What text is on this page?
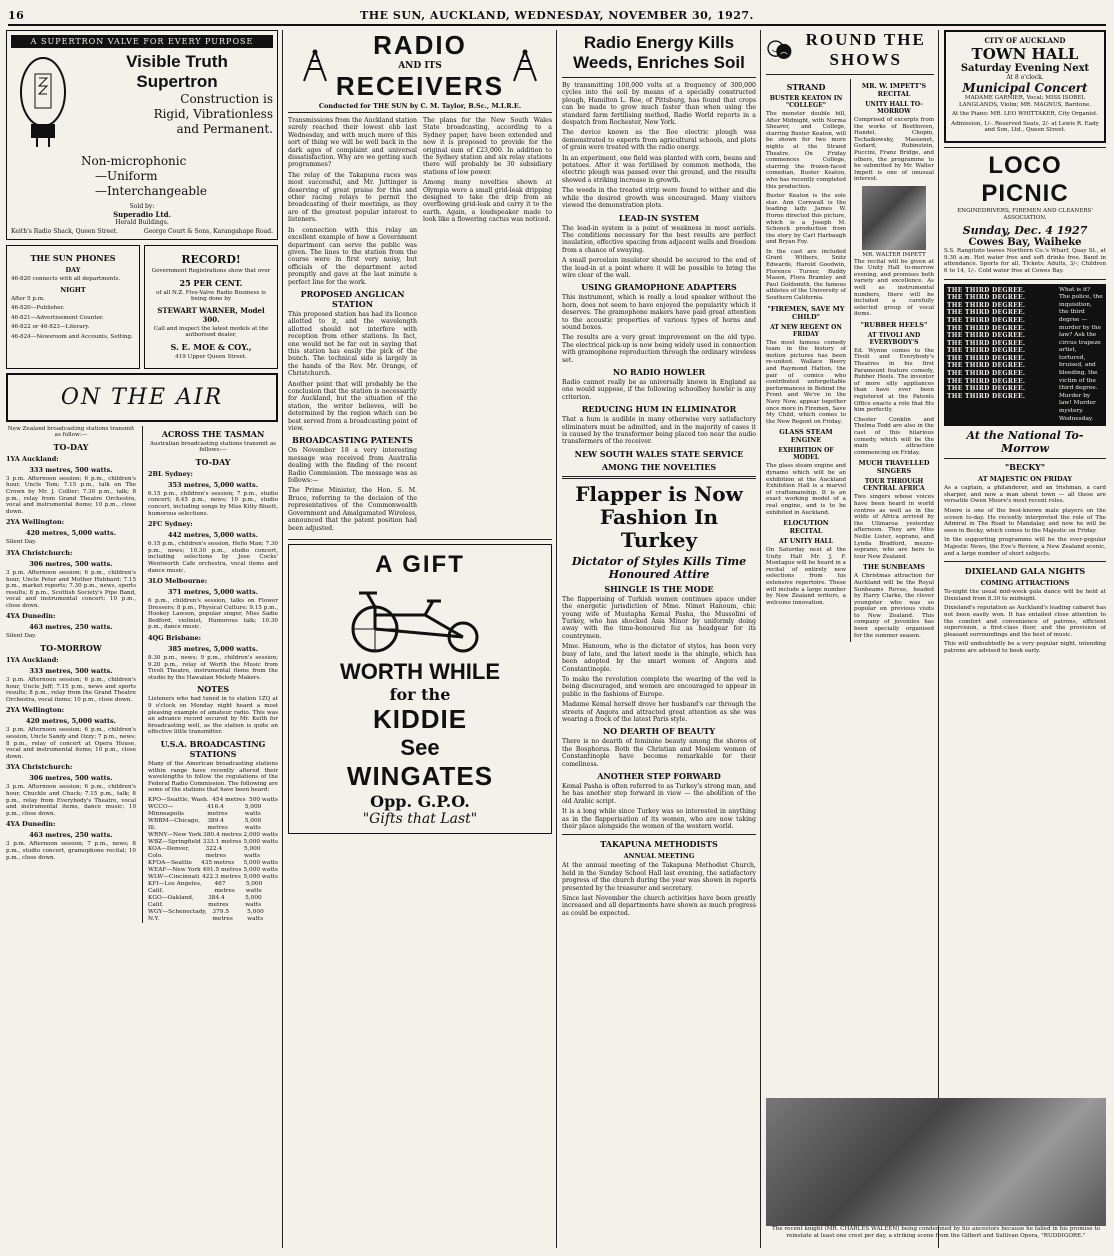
16	THE SUN, AUCKLAND, WEDNESDAY, NOVEMBER 30, 1927.
A SUPERTRON VALVE FOR EVERY PURPOSE
Visible Truth
Supertron
Construction is
Rigid, Vibrationless
and Permanent.
Non-microphonic
—Uniform
—Interchangeable
Sold by:
Superadio Ltd.
Herald Buildings.
Keith's Radio Shack, Queen Street.	George Court & Sons, Karangahape Road.
THE SUN PHONES
DAY
46-820 connects with all departments.
NIGHT
After 5 p.m.
46-820—Publisher.
46-821—Advertisement Counter.
46-822 or 46-823—Literary.
46-824—Newsroom and Accounts, Setting.
RECORD!
Government Registrations show that over
25 PER CENT.
of all N.Z. Five-Valve Radio Business is being done by
STEWART WARNER, Model 300.
Call and inspect the latest models at the authorised dealer,
S. E. MOE & COY.,
419 Upper Queen Street.
ON THE AIR
New Zealand broadcasting stations transmit as follow:—
TO-DAY
1YA Auckland:
333 metres, 500 watts.
3 p.m. Afternoon session; 6 p.m., children's hour, Uncle Tom; 7.15 p.m., talk on The Crown by Mr. J. Collier; 7.30 p.m., talk; 8 p.m., relay from Grand Theatre Orchestra, vocal and instrumental items; 10 p.m., close down.
2YA Wellington:
420 metres, 5,000 watts.
Silent Day.
3YA Christchurch:
306 metres, 500 watts.
3 p.m. Afternoon session; 6 p.m., children's hour, Uncle Peter and Mother Hubbard; 7.15 p.m., market reports; 7.30 p.m., news, sports results; 8 p.m., Scottish Society's Pipe Band, vocal and instrumental concert; 10 p.m., close down.
4YA Dunedin:
463 metres, 250 watts.
Silent Day.
TO-MORROW
1YA Auckland:
333 metres, 500 watts.
3 p.m. Afternoon session; 6 p.m., children's hour, Uncle Jeff; 7.15 p.m., news and sports results; 8 p.m., relay from the Grand Theatre Orchestra, vocal items; 10 p.m., close down.
2YA Wellington:
420 metres, 5,000 watts.
3 p.m. Afternoon session; 6 p.m., children's session, Uncle Sandy and Ozzy; 7 p.m., news; 8 p.m., relay of concert at Opera House, vocal and instrumental items; 10 p.m., close down.
3YA Christchurch:
306 metres, 500 watts.
3 p.m. Afternoon session; 6 p.m., children's hour, Chuckle and Chuck; 7.15 p.m., talk; 8 p.m., relay from Everybody's Theatre, vocal and instrumental items, dance music; 10 p.m., close down.
4YA Dunedin:
463 metres, 250 watts.
3 p.m. Afternoon session; 7 p.m., news; 8 p.m., studio concert, gramophone recital; 10 p.m., close down.
ACROSS THE TASMAN
Australian broadcasting stations transmit as follows:—
TO-DAY
2BL Sydney:
353 metres, 5,000 watts.
6.15 p.m., children's session; 7 p.m., studio concert; 8.45 p.m., news; 10 p.m., studio concert, including songs by Miss Kitty Bluett, humorous selections.
2FC Sydney:
442 metres, 5,000 watts.
6.15 p.m., children's session, Hello Man; 7.30 p.m., news; 10.30 p.m., studio concert, including selections by Jose Cocks' Wentworth Cafe orchestra, vocal items and dance music.
3LO Melbourne:
371 metres, 5,000 watts.
6 p.m., children's session, talks on Flower Dressers; 8 p.m., Physical Culture; 9.15 p.m., Hookey Lawson, popular singer, Miss Sadie Bedford, violinist, Humorous talk; 10.30 p.m., dance music.
4QG Brisbane:
385 metres, 5,000 watts.
8.30 p.m., news; 9 p.m., children's session; 9.20 p.m., relay of Worth the Music from Tivoli Theatre, instrumental items from the studio by the Hawaiian Melody Makers.
NOTES
Listeners who had tuned in to station 1ZQ at 9 o'clock on Monday night heard a most pleasing example of amateur radio. This was an advance record secured by Mr. Keith for broadcasting well, as the station is quite an effective little transmitter.
U.S.A. BROADCASTING STATIONS
Many of the American broadcasting stations within range have recently altered their wavelengths to follow the regulations of the Federal Radio Commission. The following are some of the stations that have been heard:
KPO—Seattle, Wash. 454 metres 500 watts
WCCO—Minneapolis
416.4 metres
5,000 watts
WBBM—Chicago, Ill.
389.4 metres
5,000 watts
WRNY—New York 380.4 metres 2,000 watts
WBZ—Springfield 333.1 metres 5,000 watts
KOA—Denver, Colo.
322.4 metres
5,000 watts
KFOA—Seattle 435 metres 5,000 watts
WEAF—New York 491.5 metres 5,000 watts
WLW—Cincinnati 422.3 metres 5,000 watts
KFI—Los Angeles, Calif.
467 metres
5,000 watts
KGO—Oakland, Calif.
384.4 metres
5,000 watts
WGY—Schenectady, N.Y.
379.5 metres
5,000 watts
RADIO
AND ITS
RECEIVERS
Conducted for THE SUN by C. M. Taylor, B.Sc., M.I.R.E.

Transmissions from the Auckland station surely reached their lowest ebb last Wednesday, and with much more of this sort of thing we will be well back in the dark ages of complaint and universal dissatisfaction. Why are we getting such programmes?

The relay of the Takapuna races was most successful, and Mr. Juttinger is deserving of great praise for this and other racing relays to permit the broadcasting of their meetings, as they are of the greatest popular interest to listeners.

In connection with this relay an excellent example of how a Government department can serve the public was given. The lines to the station from the course were in first very noisy, but officials of the department acted promptly and gave at the last minute a perfect line for the work.

PROPOSED ANGLICAN STATION

This proposed station has had its licence allotted to it, and the wavelength allotted should not interfere with reception from other stations. In fact, one would not be far out in saying that this station has easily the pick of the bunch. The technical side is largely in the hands of the Rev. Mr. Orange, of Christchurch.

Another point that will probably be the conclusion that the station is necessarily for Auckland, but the situation of the station, the writer believes, will be determined by the region which can be best served from a broadcasting point of view.

BROADCASTING PATENTS

On November 18 a very interesting message was received from Australia dealing with the finding of the recent Radio Commission. The message was as follows:—

The Prime Minister, the Hon. S. M. Bruce, referring to the decision of the representatives of the Commonwealth Government and Amalgamated Wireless, announced that the patent position had been adjusted.

The plans for the New South Wales State broadcasting, according to a Sydney paper, have been extended and now it is proposed to provide for the original sum of £23,000. In addition to the Sydney station and six relay stations there will probably be 30 subsidiary stations of low power.

Among many novelties shown at Olympia were a small grid-leak dripping designed to take the drip from an overflowing grid-leak and carry it to the earth. Again, a loudspeaker made to look like a flowering cactus was noticed.

A GIFT
WORTH WHILE
for the
KIDDIE
See
WINGATES
Opp. G.P.O.
"Gifts that Last"
Radio Energy Kills Weeds, Enriches Soil

By transmitting 100,000 volts at a frequency of 300,000 cycles into the soil by means of a specially constructed plough, Hamilton L. Roe, of Pittsburg, has found that crops can be made to grow much faster than when using the standard farm fertilising method, Radio World reports in a despatch from Rochester, New York.

The device known as the Roe electric plough was demonstrated to experts from agricultural schools, and plots of grain were treated with the radio energy.

In an experiment, one field was planted with corn, beans and potatoes. After it was fertilised by common methods, the electric plough was passed over the ground, and the results showed a striking increase in growth.

The weeds in the treated strip were found to wither and die while the desired growth was encouraged. Many visitors viewed the demonstration plots.

LEAD-IN SYSTEM

The lead-in system is a point of weakness in most aerials. The conditions necessary for the best results are perfect insulation, effective spacing from adjacent walls and freedom from a chance of swaying.

A small porcelain insulator should be secured to the end of the lead-in at a point where it will be possible to bring the wire clear of the wall.

USING GRAMOPHONE ADAPTERS

This instrument, which is really a loud speaker without the horn, does not seem to have enjoyed the popularity which it deserves. The gramophone makers have paid great attention to the acoustic properties of various types of horns and sound boxes.

The results are a very great improvement on the old type. The electrical pick-up is now being widely used in connection with gramophone reproduction through the ordinary wireless set.

NO RADIO HOWLER

Radio cannot really be as universally known in England as one would suppose, if the following schoolboy howler is any criterion.

REDUCING HUM IN ELIMINATOR

That a hum is audible in many otherwise very satisfactory eliminators must be admitted, and in the majority of cases it is caused by the transformer being placed too near the audio transformers of the receiver.

NEW SOUTH WALES STATE SERVICE
AMONG THE NOVELTIES
Flapper is Now Fashion In Turkey
Dictator of Styles Kills Time Honoured Attire
SHINGLE IS THE MODE

The flapperising of Turkish women continues apace under the energetic jurisdiction of Mme. Nimet Hanoum, chic young wife of Mustapha Kemal Pasha, the Mussolini of Turkey, who has shocked Asia Minor by uniformly doing away with the time-honoured fez as headgear for its countrymen.

Mme. Hanoum, who is the dictator of styles, has been very busy of late, and the latest mode is the shingle, which has been adopted by the smart women of Angora and Constantinople.

To make the revolution complete the wearing of the veil is being discouraged, and women are encouraged to appear in public in the fashions of Europe.

Madame Kemal herself drove her husband's car through the streets of Angora and attracted great attention as she was wearing a frock of the latest Paris style.

NO DEARTH OF BEAUTY

There is no dearth of feminine beauty among the shores of the Bosphorus. Both the Christian and Moslem women of Constantinople have become remarkable for their comeliness.

ANOTHER STEP FORWARD

Kemal Pasha is often referred to as Turkey's strong man, and he has another step forward in view — the abolition of the old Arabic script.

It is a long while since Turkey was so interested in anything as in the flapperisation of its women, who are now taking their place alongside the women of the western world.

TAKAPUNA METHODISTS
ANNUAL MEETING

At the annual meeting of the Takapuna Methodist Church, held in the Sunday School Hall last evening, the satisfactory progress of the church during the year was shown in reports presented by the treasurer and secretary.

Since last November the church activities have been greatly increased and all departments have shown as much progress as could be expected.

ROUND THE SHOWS
STRAND
BUSTER KEATON IN "COLLEGE"

The monster double bill, After Midnight, with Norma Shearer, and College, starring Buster Keaton, will be shown for two more nights at the Strand Theatre. On Friday commences College, starring the frozen-faced comedian, Buster Keaton, who has recently completed this production.

Buster Keaton is the sole star. Ann Cornwall is the leading lady. James W. Horne directed this picture, which is a Joseph M. Schenck production from the story by Carl Harbaugh and Bryan Foy.

In the cast are included Grant Withers, Snitz Edwards, Harold Goodwin, Florence Turner, Buddy Mason, Flora Bramley and Paul Goldsmith, the famous athletes of the University of Southern California.

"FIREMEN, SAVE MY CHILD"
AT NEW REGENT ON FRIDAY

The most famous comedy team in the history of motion pictures has been re-united. Wallace Beery and Raymond Hatton, the pair of comics who contributed unforgettable performances in Behind the Front and We're in the Navy Now, appear together once more in Firemen, Save My Child, which comes to the New Regent on Friday.

GLASS STEAM ENGINE
EXHIBITION OF MODEL

The glass steam engine and dynamo which will be an exhibition at the Auckland Exhibition Hall is a marvel of craftsmanship. It is an exact working model of a real engine, and is to be exhibited in Auckland.

ELOCUTION RECITAL
AT UNITY HALL

On Saturday next at the Unity Hall Mr. J. F. Montague will be heard in a recital of entirely new selections from his extensive repertoire. These will include a large number by New Zealand writers, a welcome innovation.

MR. W. IMPETT'S RECITAL
UNITY HALL TO-MORROW

Comprised of excerpts from the works of Beethoven, Handel, Chopin, Tschaikowsky, Massenet, Godard, Rubinstein, Puccini, Franz Bridge, and others, the programme to be submitted by Mr. Walter Impett is one of unusual interest.

MR. WALTER IMPETT

The recital will be given at the Unity Hall to-morrow evening, and promises both variety and excellence. As well as instrumental numbers, there will be included a carefully selected group of vocal items.

"RUBBER HEELS"
AT TIVOLI AND EVERYBODY'S

Ed. Wynne comes to the Tivoli and Everybody's Theatres in his first Paramount feature comedy, Rubber Heels. The inventor of more silly appliances than have ever been registered at the Patents Office enacts a role that fits him perfectly.

Chester Conklin and Thelma Todd are also in the cast of this hilarious comedy, which will be the main attraction commencing on Friday.

MUCH TRAVELLED SINGERS
TOUR THROUGH CENTRAL AFRICA

Two singers whose voices have been heard in world centres as well as in the wilds of Africa arrived by the Ulimaroa yesterday afternoon. They are Miss Nellie Lister, soprano, and Lynda Bradford, mezzo-soprano, who are here to tour New Zealand.

THE SUNBEAMS

A Christmas attraction for Auckland will be the Royal Sunbeams Revue, headed by Harry Clarke, the clever youngster who was so popular on previous visits to New Zealand. This company of juveniles has been specially organised for the summer season.

The recent knight (MR. CHARLES WALEEN) being condemned by his ancestors because he failed in his promise to reinstate at least one crest per day, a striking scene from the Gilbert and Sullivan Opera, "RUDDIGORE."
CITY OF AUCKLAND
TOWN HALL
Saturday Evening Next
At 8 o'clock.
Municipal Concert
MADAME GARNIER, Vocal; MISS ISOBEL LANGLANDS, Violin; MR. MAGNUS, Baritone.
At the Piano: MR. LEO WHITTAKER, City Organist.
Admission, 1/-. Reserved Seats, 2/- at Lewis R. Eady and Son, Ltd., Queen Street.
LOCO PICNIC
ENGINEDRIVERS, FIREMEN AND CLEANERS' ASSOCIATION.
Sunday, Dec. 4 1927
Cowes Bay, Waiheke
S.S. Rangitoto leaves Northern Co.'s Wharf, Quay St., at 9.30 a.m. Hot water free and soft drinks free. Band in attendance. Sports for all. Tickets: Adults, 3/-; Children 6 to 14, 1/-. Cold water free at Cowes Bay.
THE THIRD DEGREE.
THE THIRD DEGREE.
THE THIRD DEGREE.
THE THIRD DEGREE.
THE THIRD DEGREE.
THE THIRD DEGREE.
THE THIRD DEGREE.
THE THIRD DEGREE.
THE THIRD DEGREE.
THE THIRD DEGREE.
THE THIRD DEGREE.
THE THIRD DEGREE.
THE THIRD DEGREE.
THE THIRD DEGREE.
THE THIRD DEGREE.
What is it? The police, the inquisition, the third degree — murder by the law? Ask the circus trapeze artist, tortured, bruised, and bleeding, the victim of the third degree. Murder by law! Murder mystery. Wednesday.
At the National To-Morrow
"BECKY"
AT MAJESTIC ON FRIDAY

As a captain, a philanderer, and an Irishman, a card sharper, and now a man about town — all these are versatile Owen Moore's most recent roles.

Moore is one of the best-known male players on the screen to-day. He recently interpreted the role of The Admiral in The Road to Mandalay, and now he will be seen in Becky, which comes to the Majestic on Friday.

In the supporting programme will be the ever-popular Majestic News, the Eve's Review, a New Zealand scenic, and a large number of short subjects.

DIXIELAND GALA NIGHTS
COMING ATTRACTIONS

To-night the usual mid-week gala dance will be held at Dixieland from 8.30 to midnight.

Dixieland's reputation as Auckland's leading cabaret has not been easily won. It has entailed close attention to the comfort and convenience of patrons, efficient supervision, a first-class floor, and the provision of pleasant surroundings and the best of music.

This will undoubtedly be a very popular night, intending patrons are advised to book early.
